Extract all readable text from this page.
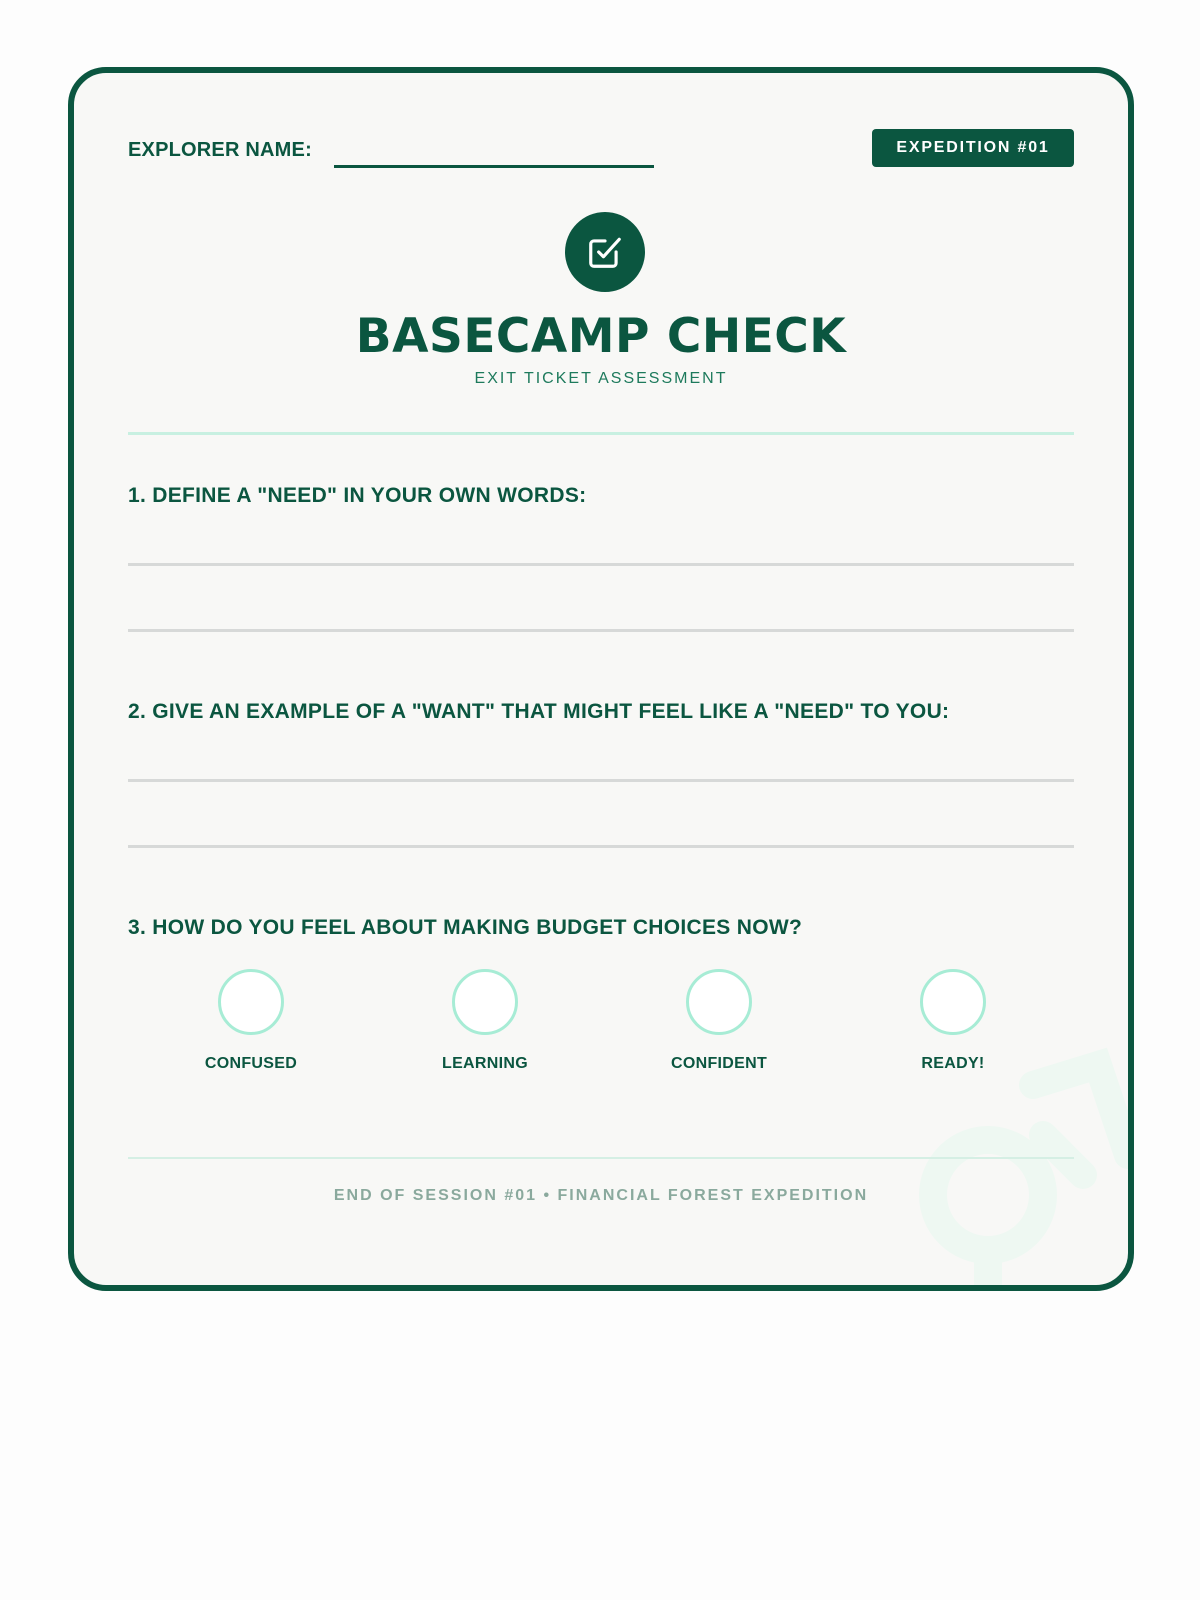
EXPLORER NAME:	EXPEDITION #01
BASECAMP CHECK
EXIT TICKET ASSESSMENT
1. DEFINE A "NEED" IN YOUR OWN WORDS:
2. GIVE AN EXAMPLE OF A "WANT" THAT MIGHT FEEL LIKE A "NEED" TO YOU:
3. HOW DO YOU FEEL ABOUT MAKING BUDGET CHOICES NOW?
CONFUSED	LEARNING	CONFIDENT	READY!
END OF SESSION #01 • FINANCIAL FOREST EXPEDITION
